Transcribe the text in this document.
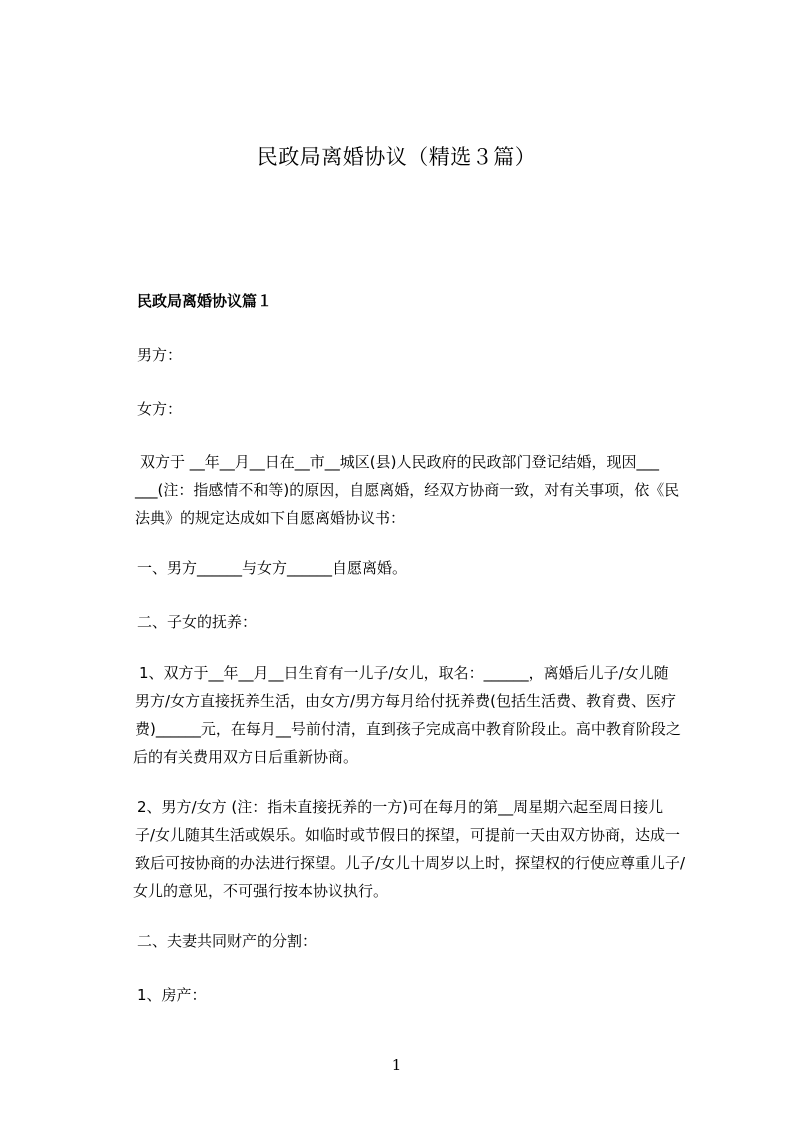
民政局离婚协议（精选３篇）
民政局离婚协议篇１
男方：
女方：
双方于 __年__月__日在__市__城区(县)人民政府的民政部门登记结婚，现因___
___(注：指感情不和等)的原因，自愿离婚，经双方协商一致，对有关事项，依《民
法典》的规定达成如下自愿离婚协议书：
一、男方______与女方______自愿离婚。
二、子女的抚养：
1、双方于__年__月__日生育有一儿子/女儿，取名：______，离婚后儿子/女儿随
男方/女方直接抚养生活，由女方/男方每月给付抚养费(包括生活费、教育费、医疗
费)______元，在每月__号前付清，直到孩子完成高中教育阶段止。高中教育阶段之
后的有关费用双方日后重新协商。
2、男方/女方 (注：指未直接抚养的一方)可在每月的第__周星期六起至周日接儿
子/女儿随其生活或娱乐。如临时或节假日的探望，可提前一天由双方协商，达成一
致后可按协商的办法进行探望。儿子/女儿十周岁以上时，探望权的行使应尊重儿子/
女儿的意见，不可强行按本协议执行。
二、夫妻共同财产的分割：
1、房产：
1
